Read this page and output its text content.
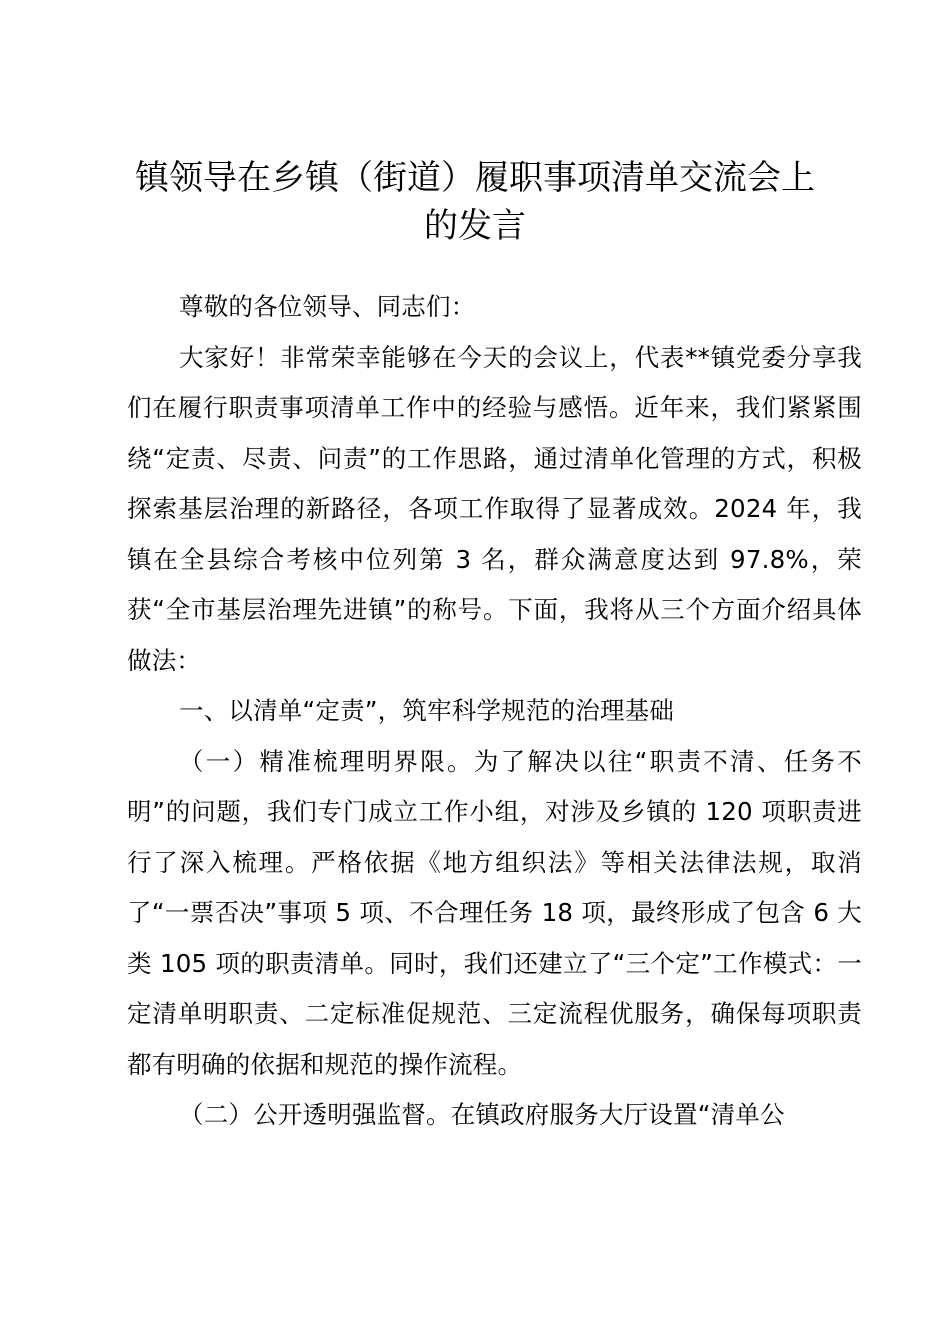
镇领导在乡镇（街道）履职事项清单交流会上
的发言

尊敬的各位领导、同志们：

大家好！非常荣幸能够在今天的会议上，代表**镇党委分享我们在履行职责事项清单工作中的经验与感悟。近年来，我们紧紧围绕“定责、尽责、问责”的工作思路，通过清单化管理的方式，积极探索基层治理的新路径，各项工作取得了显著成效。2024 年，我镇在全县综合考核中位列第 3 名，群众满意度达到 97.8%，荣获“全市基层治理先进镇”的称号。下面，我将从三个方面介绍具体做法：

一、以清单“定责”，筑牢科学规范的治理基础

（一）精准梳理明界限。为了解决以往“职责不清、任务不明”的问题，我们专门成立工作小组，对涉及乡镇的 120 项职责进行了深入梳理。严格依据《地方组织法》等相关法律法规，取消了“一票否决”事项 5 项、不合理任务 18 项，最终形成了包含 6 大类 105 项的职责清单。同时，我们还建立了“三个定”工作模式：一定清单明职责、二定标准促规范、三定流程优服务，确保每项职责都有明确的依据和规范的操作流程。

（二）公开透明强监督。在镇政府服务大厅设置“清单公
